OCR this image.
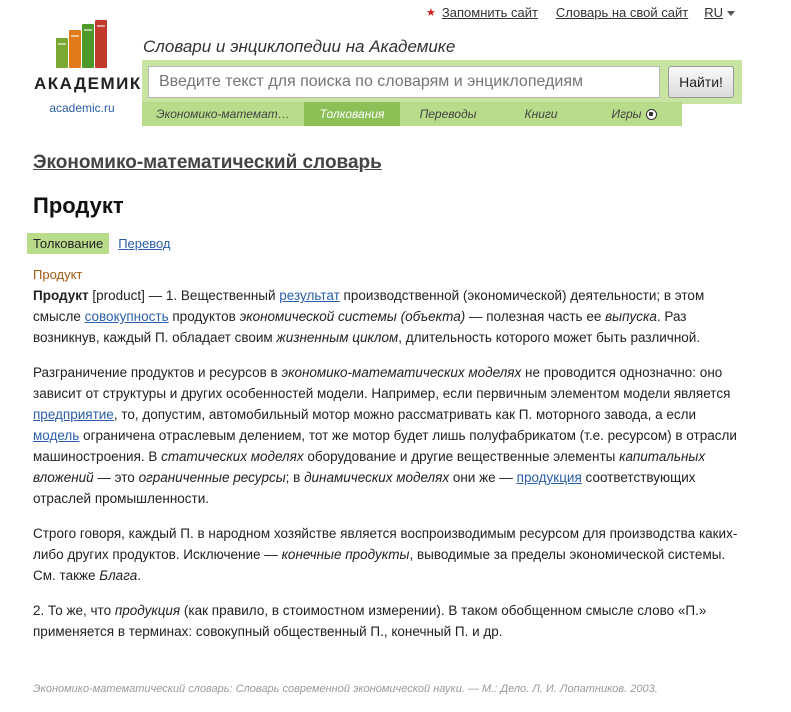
★ Запомнить сайт Словарь на свой сайт RU
АКАДЕМИК
academic.ru
Словари и энциклопедии на Академике
Введите текст для поиска по словарям и энциклопедиям
Найти!
Экономико-математ…	Толкования	Переводы	Книги	Игры
Экономико-математический словарь
Продукт
Толкование	Перевод
Продукт

Продукт [product] — 1. Вещественный результат производственной (экономической) деятельности; в этом смысле совокупность продуктов экономической системы (объекта) — полезная часть ее выпуска. Раз возникнув, каждый П. обладает своим жизненным циклом, длительность которого может быть различной.

Разграничение продуктов и ресурсов в экономико-математических моделях не проводится однозначно: оно зависит от структуры и других особенностей модели. Например, если первичным элементом модели является предприятие, то, допустим, автомобильный мотор можно рассматривать как П. моторного завода, а если модель ограничена отраслевым делением, тот же мотор будет лишь полуфабрикатом (т.е. ресурсом) в отрасли машиностроения. В статических моделях оборудование и другие вещественные элементы капитальных вложений — это ограниченные ресурсы; в динамических моделях они же — продукция соответствующих отраслей промышленности.

Строго говоря, каждый П. в народном хозяйстве является воспроизводимым ресурсом для производства каких-либо других продуктов. Исключение — конечные продукты, выводимые за пределы экономической системы. См. также Блага.

2. То же, что продукция (как правило, в стоимостном измерении). В таком обобщенном смысле слово «П.» применяется в терминах: совокупный общественный П., конечный П. и др.

Экономико-математический словарь: Словарь современной экономической науки. — М.: Дело. Л. И. Лопатников. 2003.
